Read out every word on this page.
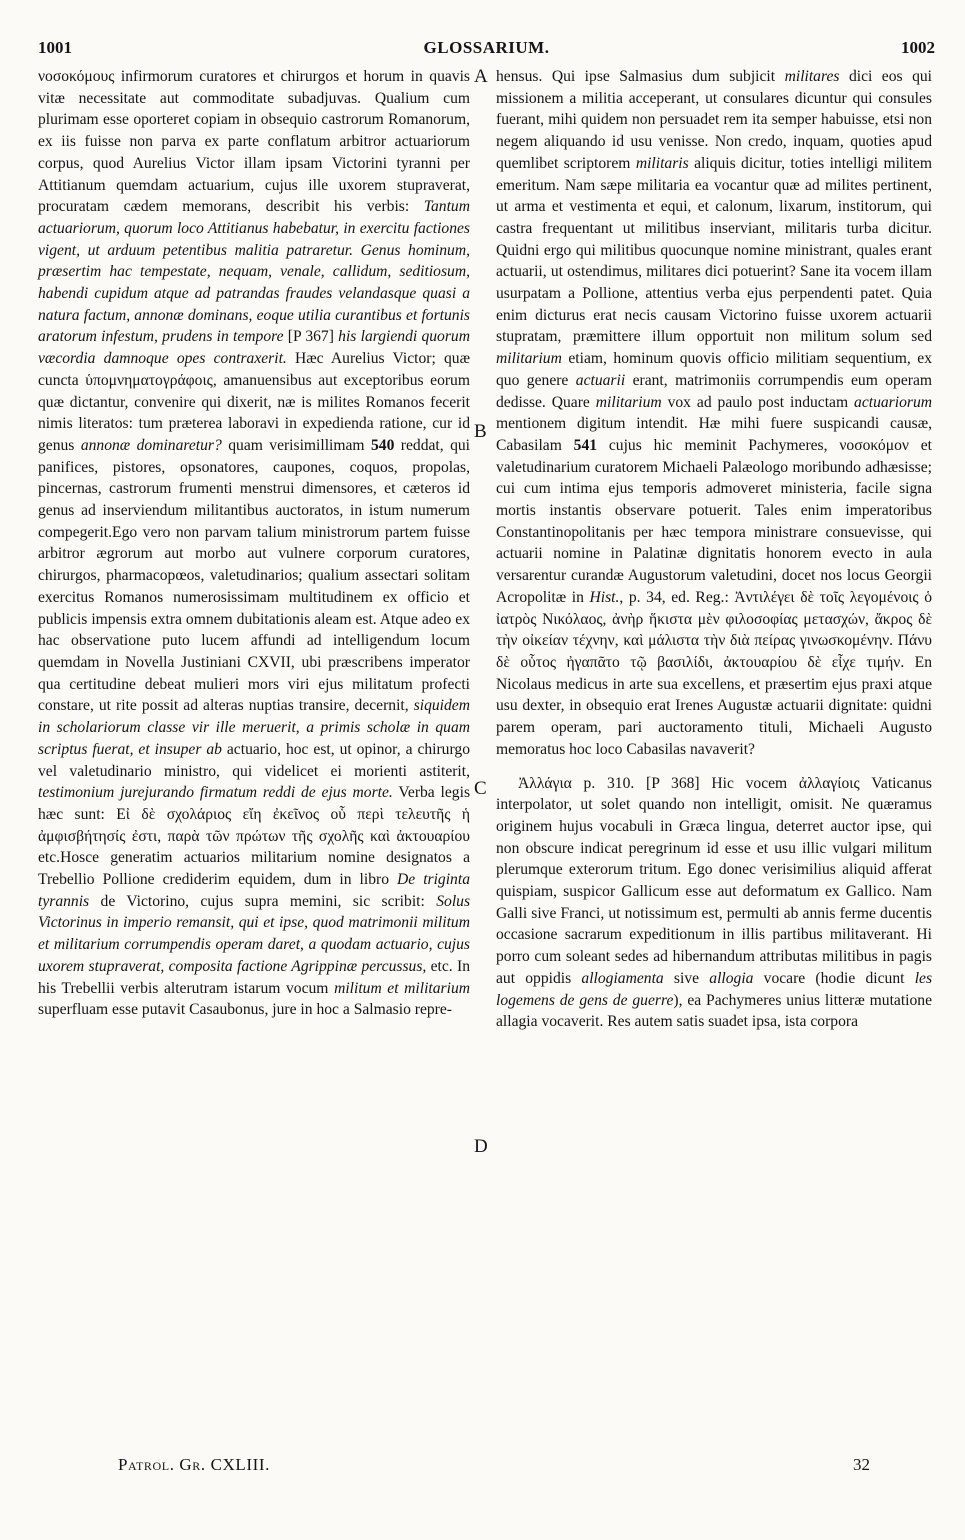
1001	GLOSSARIUM.	1002
A
B
C
D

νοσοκόμους infirmorum curatores et chirurgos et horum in quavis vitæ necessitate aut commoditate subadjuvas. Qualium cum plurimam esse oporteret copiam in obsequio castrorum Romanorum, ex iis fuisse non parva ex parte conflatum arbitror actuariorum corpus, quod Aurelius Victor illam ipsam Victorini tyranni per Attitianum quemdam actuarium, cujus ille uxorem stupraverat, procuratam cædem memorans, describit his verbis: Tantum actuariorum, quorum loco Attitianus habebatur, in exercitu factiones vigent, ut arduum petentibus malitia patraretur. Genus hominum, præsertim hac tempestate, nequam, venale, callidum, seditiosum, habendi cupidum atque ad patrandas fraudes velandasque quasi a natura factum, annonæ dominans, eoque utilia curantibus et fortunis aratorum infestum, prudens in tempore [P 367] his largiendi quorum væcordia damnoque opes contraxerit. Hæc Aurelius Victor; quæ cuncta ὑπομνηματογράφοις, amanuensibus aut exceptoribus eorum quæ dictantur, convenire qui dixerit, næ is milites Romanos fecerit nimis literatos: tum prætereа laboravi in expedienda ratione, cur id genus annonæ dominaretur? quam verisimillimam 540 reddat, qui panifices, pistores, opsonatores, caupones, coquos, propolas, pincernas, castrorum frumenti menstrui dimensores, et cæteros id genus ad inserviendum militantibus auctoratos, in istum numerum compegerit.Ego vero non parvam talium ministrorum partem fuisse arbitror ægrorum aut morbo aut vulnere corporum curatores, chirurgos, pharmacopœos, valetudinarios; qualium assectari solitam exercitus Romanos numerosissimam multitudinem ex officio et publicis impensis extra omnem dubitationis aleam est. Atque adeo ex hac observatione puto lucem affundi ad intelligendum locum quemdam in Novella Justiniani CXVII, ubi præscribens imperator qua certitudine debeat mulieri mors viri ejus militatum profecti constare, ut rite possit ad alteras nuptias transire, decernit, siquidem in scholariorum classe vir ille meruerit, a primis scholæ in quam scriptus fuerat, et insuper ab actuario, hoc est, ut opinor, a chirurgo vel valetudinario ministro, qui videlicet ei morienti astiterit, testimonium jurejurando firmatum reddi de ejus morte. Verba legis hæc sunt: Εἰ δὲ σχολάριος εἴη ἐκεῖνος οὗ περὶ τελευτῆς ἡ ἀμφισβήτησίς ἐστι, παρὰ τῶν πρώτων τῆς σχολῆς καὶ ἀκτουαρίου etc.Hosce generatim actuarios militarium nomine designatos a Trebellio Pollione crediderim equidem, dum in libro De triginta tyrannis de Victorino, cujus supra memini, sic scribit: Solus Victorinus in imperio remansit, qui et ipse, quod matrimonii militum et militarium corrumpendis operam daret, a quodam actuario, cujus uxorem stupraverat, composita factione Agrippinæ percussus, etc. In his Trebellii verbis alterutram istarum vocum militum et militarium superfluam esse putavit Casaubonus, jure in hoc a Salmasio repre-

hensus. Qui ipse Salmasius dum subjicit militares dici eos qui missionem a militia acceperant, ut consulares dicuntur qui consules fuerant, mihi quidem non persuadet rem ita semper habuisse, etsi non negem aliquando id usu venisse. Non credo, inquam, quoties apud quemlibet scriptorem militaris aliquis dicitur, toties intelligi militem emeritum. Nam sæpe militaria ea vocantur quæ ad milites pertinent, ut arma et vestimenta et equi, et calonum, lixarum, institorum, qui castra frequentant ut militibus inserviant, militaris turba dicitur. Quidni ergo qui militibus quocunque nomine ministrant, quales erant actuarii, ut ostendimus, militares dici potuerint? Sane ita vocem illam usurpatam a Pollione, attentius verba ejus perpendenti patet. Quia enim dicturus erat necis causam Victorino fuisse uxorem actuarii stupratam, præmittere illum opportuit non militum solum sed militarium etiam, hominum quovis officio militiam sequentium, ex quo genere actuarii erant, matrimoniis corrumpendis eum operam dedisse. Quare militarium vox ad paulo post inductam actuariorum mentionem digitum intendit. Hæ mihi fuere suspicandi causæ, Cabasilam 541 cujus hic meminit Pachymeres, νοσοκόμον et valetudinarium curatorem Michaeli Palæologo moribundo adhæsisse; cui cum intima ejus temporis admoveret ministeria, facile signa mortis instantis observare potuerit. Tales enim imperatoribus Constantinopolitanis per hæc tempora ministrare consuevisse, qui actuarii nomine in Palatinæ dignitatis honorem evecto in aula versarentur curandæ Augustorum valetudini, docet nos locus Georgii Acropolitæ in Hist., p. 34, ed. Reg.: Ἀντιλέγει δὲ τοῖς λεγομένοις ὁ ἰατρὸς Νικόλαος, ἀνὴρ ἥκιστα μὲν φιλοσοφίας μετασχών, ἄκρος δὲ τὴν οἰκείαν τέχνην, καὶ μάλιστα τὴν διὰ πείρας γινωσκομένην. Πάνυ δὲ οὗτος ἠγαπᾶτο τῷ βασιλίδι, ἀκτουαρίου δὲ εἶχε τιμήν. En Nicolaus medicus in arte sua excellens, et præsertim ejus praxi atque usu dexter, in obsequio erat Irenes Augustæ actuarii dignitate: quidni parem operam, pari auctoramento tituli, Michaeli Augusto memoratus hoc loco Cabasilas navaverit?

Ἀλλάγια p. 310. [P 368] Hic vocem ἀλλαγίοις Vaticanus interpolator, ut solet quando non intelligit, omisit. Ne quæramus originem hujus vocabuli in Græca lingua, deterret auctor ipse, qui non obscure indicat peregrinum id esse et usu illic vulgari militum plerumque exterorum tritum. Ego donec verisimilius aliquid afferat quispiam, suspicor Gallicum esse aut deformatum ex Gallico. Nam Galli sive Franci, ut notissimum est, permulti ab annis ferme ducentis occasione sacrarum expeditionum in illis partibus militaverant. Hi porro cum soleant sedes ad hibernandum attributas militibus in pagis aut oppidis allogiamenta sive allogia vocare (hodie dicunt les logemens de gens de guerre), ea Pachymeres unius litteræ mutatione allagia vocaverit. Res autem satis suadet ipsa, ista corpora

Patrol. Gr. CXLIII.	32
